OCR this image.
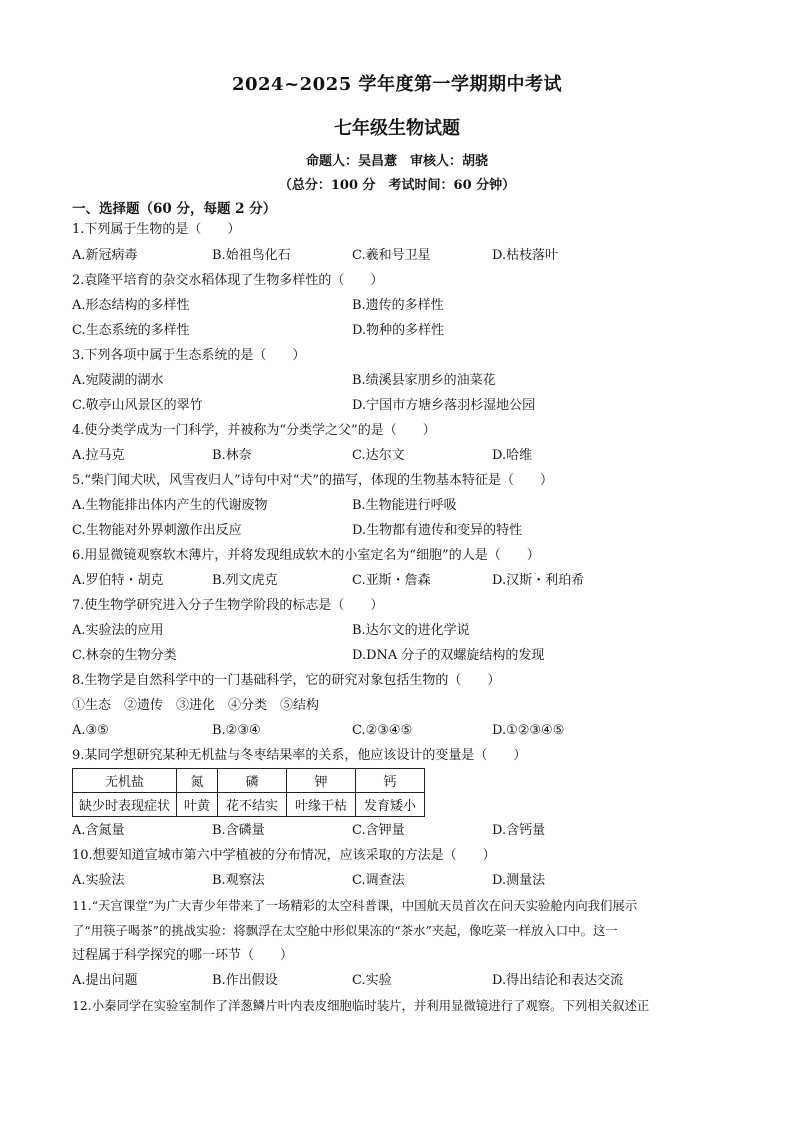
2024~2025 学年度第一学期期中考试
七年级生物试题
命题人：吴昌薏　审核人：胡骁
（总分：100 分　考试时间：60 分钟）
一、选择题（60 分，每题 2 分）
1.下列属于生物的是（　　）
A.新冠病毒	B.始祖鸟化石	C.羲和号卫星	D.枯枝落叶
2.袁隆平培育的杂交水稻体现了生物多样性的（　　）
A.形态结构的多样性	B.遗传的多样性
C.生态系统的多样性	D.物种的多样性
3.下列各项中属于生态系统的是（　　）
A.宛陵湖的湖水	B.绩溪县家朋乡的油菜花
C.敬亭山风景区的翠竹	D.宁国市方塘乡落羽杉湿地公园
4.使分类学成为一门科学，并被称为“分类学之父”的是（　　）
A.拉马克	B.林奈	C.达尔文	D.哈维
5.“柴门闻犬吠，风雪夜归人”诗句中对“犬”的描写，体现的生物基本特征是（　　）
A.生物能排出体内产生的代谢废物	B.生物能进行呼吸
C.生物能对外界刺激作出反应	D.生物都有遗传和变异的特性
6.用显微镜观察软木薄片，并将发现组成软木的小室定名为“细胞”的人是（　　）
A.罗伯特・胡克	B.列文虎克	C.亚斯・詹森	D.汉斯・利珀希
7.使生物学研究进入分子生物学阶段的标志是（　　）
A.实验法的应用	B.达尔文的进化学说
C.林奈的生物分类	D.DNA 分子的双螺旋结构的发现
8.生物学是自然科学中的一门基础科学，它的研究对象包括生物的（　　）
①生态　②遗传　③进化　④分类　⑤结构
A.③⑤	B.②③④	C.②③④⑤	D.①②③④⑤
9.某同学想研究某种无机盐与冬枣结果率的关系，他应该设计的变量是（　　）
无机盐	氮	磷	钾	钙
缺少时表现症状	叶黄	花不结实	叶缘干枯	发育矮小
A.含氮量	B.含磷量	C.含钾量	D.含钙量
10.想要知道宣城市第六中学植被的分布情况，应该采取的方法是（　　）
A.实验法	B.观察法	C.调查法	D.测量法
11.“天宫课堂”为广大青少年带来了一场精彩的太空科普课，中国航天员首次在问天实验舱内向我们展示
了“用筷子喝茶”的挑战实验：将飘浮在太空舱中形似果冻的“茶水”夹起，像吃菜一样放入口中。这一
过程属于科学探究的哪一环节（　　）
A.提出问题	B.作出假设	C.实验	D.得出结论和表达交流
12.小秦同学在实验室制作了洋葱鳞片叶内表皮细胞临时装片，并利用显微镜进行了观察。下列相关叙述正
